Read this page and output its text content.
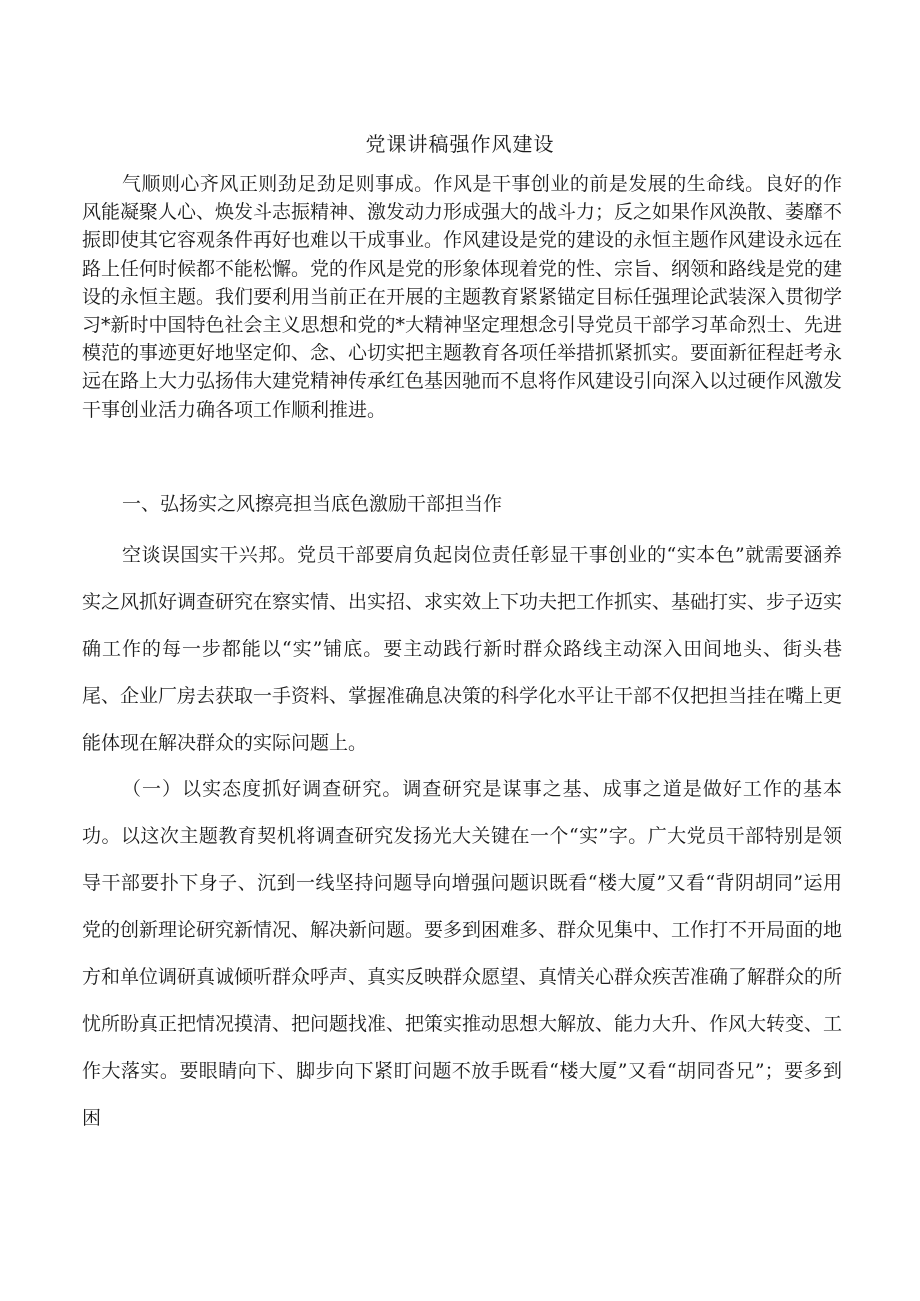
党课讲稿强作风建设
气顺则心齐风正则劲足劲足则事成。作风是干事创业的前是发展的生命线。良好的作风能凝聚人心、焕发斗志振精神、激发动力形成强大的战斗力；反之如果作风涣散、萎靡不振即使其它容观条件再好也难以干成事业。作风建设是党的建设的永恒主题作风建设永远在路上任何时候都不能松懈。党的作风是党的形象体现着党的性、宗旨、纲领和路线是党的建设的永恒主题。我们要利用当前正在开展的主题教育紧紧锚定目标任强理论武装深入贯彻学习*新时中国特色社会主义思想和党的*大精神坚定理想念引导党员干部学习革命烈士、先进模范的事迹更好地坚定仰、念、心切实把主题教育各项任举措抓紧抓实。要面新征程赶考永远在路上大力弘扬伟大建党精神传承红色基因驰而不息将作风建设引向深入以过硬作风激发干事创业活力确各项工作顺利推进。
一、弘扬实之风擦亮担当底色激励干部担当作
空谈误国实干兴邦。党员干部要肩负起岗位责任彰显干事创业的“实本色”就需要涵养实之风抓好调查研究在察实情、出实招、求实效上下功夫把工作抓实、基础打实、步子迈实确工作的每一步都能以“实”铺底。要主动践行新时群众路线主动深入田间地头、街头巷尾、企业厂房去获取一手资料、掌握准确息决策的科学化水平让干部不仅把担当挂在嘴上更能体现在解决群众的实际问题上。
（一）以实态度抓好调查研究。调查研究是谋事之基、成事之道是做好工作的基本功。以这次主题教育契机将调查研究发扬光大关键在一个“实”字。广大党员干部特别是领导干部要扑下身子、沉到一线坚持问题导向增强问题识既看“楼大厦”又看“背阴胡同”运用党的创新理论研究新情况、解决新问题。要多到困难多、群众见集中、工作打不开局面的地方和单位调研真诚倾听群众呼声、真实反映群众愿望、真情关心群众疾苦准确了解群众的所忧所盼真正把情况摸清、把问题找准、把策实推动思想大解放、能力大升、作风大转变、工作大落实。要眼睛向下、脚步向下紧盯问题不放手既看“楼大厦”又看“胡同沓兄”；要多到困
